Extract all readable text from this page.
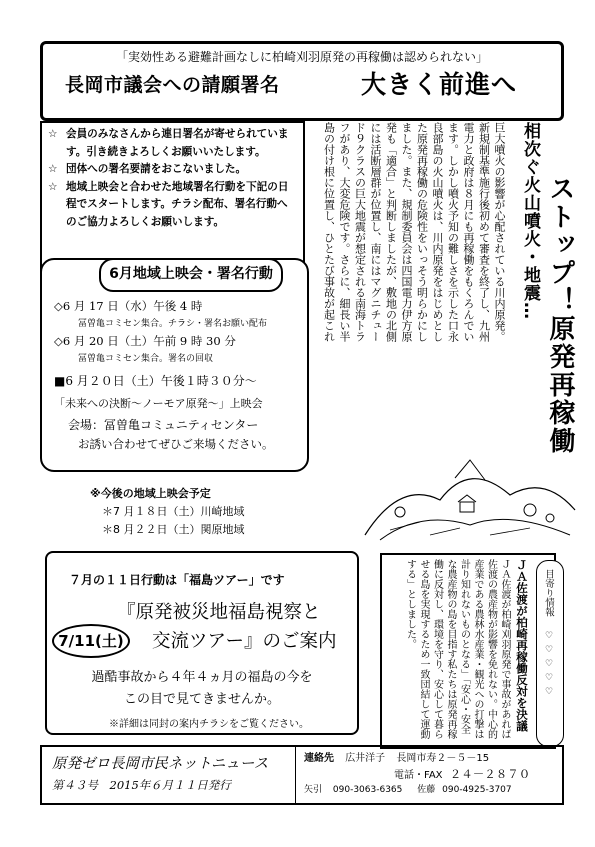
「実効性ある避難計画なしに柏崎刈羽原発の再稼働は認められない」
長岡市議会への請願署名	大きく前進へ
☆ 会員のみなさんから連日署名が寄せられています。引き続きよろしくお願いいたします。
☆ 団体への署名要請をおこないました。
☆ 地域上映会と合わせた地域署名行動を下記の日程でスタートします。チラシ配布、署名行動へのご協力よろしくお願いします。
6月地域上映会・署名行動
◇6 月 17 日（水）午後 4 時
冨曽亀コミセン集合。チラシ・署名お願い配布
◇6 月 20 日（土）午前 9 時 30 分
冨曽亀コミセン集合。署名の回収
■6 月２０日（土）午後１時３０分～
「未来への決断～ノーモア原発～」上映会
会場：冨曽亀コミュニティセンター
お誘い合わせてぜひご来場ください。
※今後の地域上映会予定
＊7 月１８日（土）川崎地域
＊8 月２２日（土）関原地域
巨大噴火の影響が心配されている川内原発。新規制基準施行後初めて審査を終了し、九州電力と政府は８月にも再稼働をもくろんでいます。しかし噴火予知の難しさを示した口永良部島の火山噴火は、川内原発をはじめとした原発再稼働の危険性をいっそう明らかにしました。また、規制委員会は四国電力伊方原発も「適合」と判断しましたが、敷地の北側には活断層群が位置し、南にはマグニチュード９クラスの巨大地震が想定される南海トラフがあり、大変危険です。さらに、細長い半島の付け根に位置し、ひとたび事故が起これ
相次ぐ火山噴火・地震… ストップ！原発再稼働
７月の１１日行動は「福島ツアー」です
『原発被災地福島視察と
交流ツアー』のご案内
7/11(土)
過酷事故から４年４ヵ月の福島の今を
この目で見てきませんか。
※詳細は同封の案内チラシをご覧ください。	ＪＡ佐渡が柏崎刈羽原発で事故があれば佐渡の農産物が影響を免れない。中心的産業である農林水産業・観光への打撃は計り知れないものとなる」「安心・安全な農産物の島を目指す私たちは原発再稼働に反対し、環境を守り、安心して暮らせる島を実現するため一致団結して運動する」としました。	ＪＡ佐渡が柏崎再稼働反対を決議 目寄り情報
♡♡♡♡♡
原発ゼロ長岡市民ネットニュース
第４３号　2015年６月１１日発行
連絡先 広井洋子 長岡市寿２－５－15
電話・FAX ２４－２８７０
矢引 090-3063-6365 佐藤 090-4925-3707
